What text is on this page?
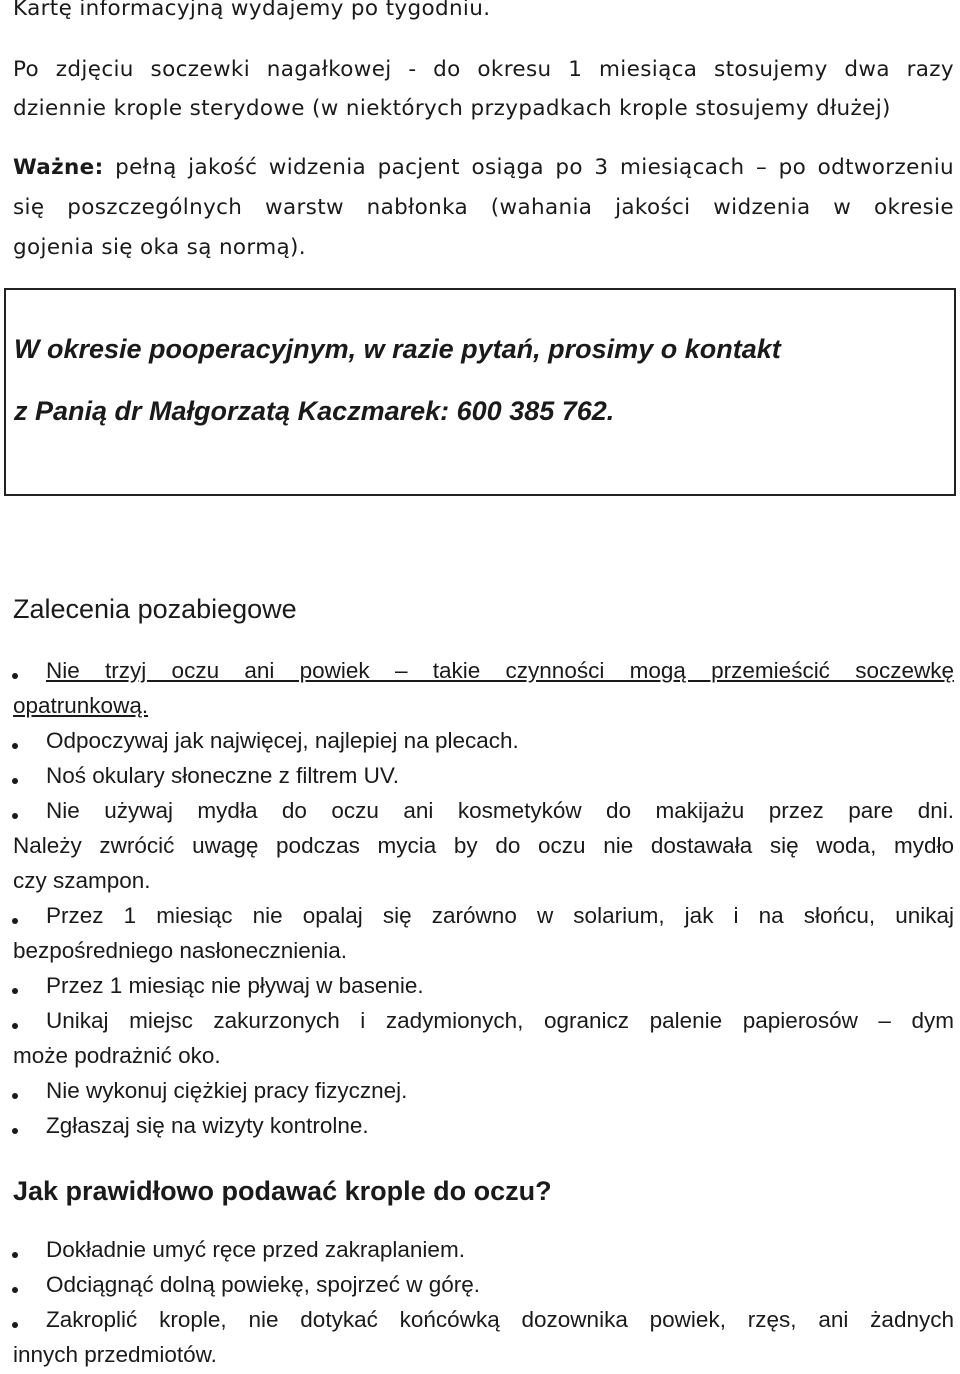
Kartę informacyjną wydajemy po tygodniu.
Po zdjęciu soczewki nagałkowej - do okresu 1 miesiąca stosujemy dwa razy
dziennie krople sterydowe (w niektórych przypadkach krople stosujemy dłużej)
Ważne: pełną jakość widzenia pacjent osiąga po 3 miesiącach – po odtworzeniu
się poszczególnych warstw nabłonka (wahania jakości widzenia w okresie
gojenia się oka są normą).
W okresie pooperacyjnym, w razie pytań, prosimy o kontakt
z Panią dr Małgorzatą Kaczmarek: 600 385 762.
Zalecenia pozabiegowe
Nie trzyj oczu ani powiek – takie czynności mogą przemieścić soczewkę
opatrunkową.
Odpoczywaj jak najwięcej, najlepiej na plecach.
Noś okulary słoneczne z filtrem UV.
Nie używaj mydła do oczu ani kosmetyków do makijażu przez pare dni.
Należy zwrócić uwagę podczas mycia by do oczu nie dostawała się woda, mydło
czy szampon.
Przez 1 miesiąc nie opalaj się zarówno w solarium, jak i na słońcu, unikaj
bezpośredniego nasłonecznienia.
Przez 1 miesiąc nie pływaj w basenie.
Unikaj miejsc zakurzonych i zadymionych, ogranicz palenie papierosów – dym
może podrażnić oko.
Nie wykonuj ciężkiej pracy fizycznej.
Zgłaszaj się na wizyty kontrolne.
Jak prawidłowo podawać krople do oczu?
Dokładnie umyć ręce przed zakraplaniem.
Odciągnąć dolną powiekę, spojrzeć w górę.
Zakroplić krople, nie dotykać końcówką dozownika powiek, rzęs, ani żadnych
innych przedmiotów.
